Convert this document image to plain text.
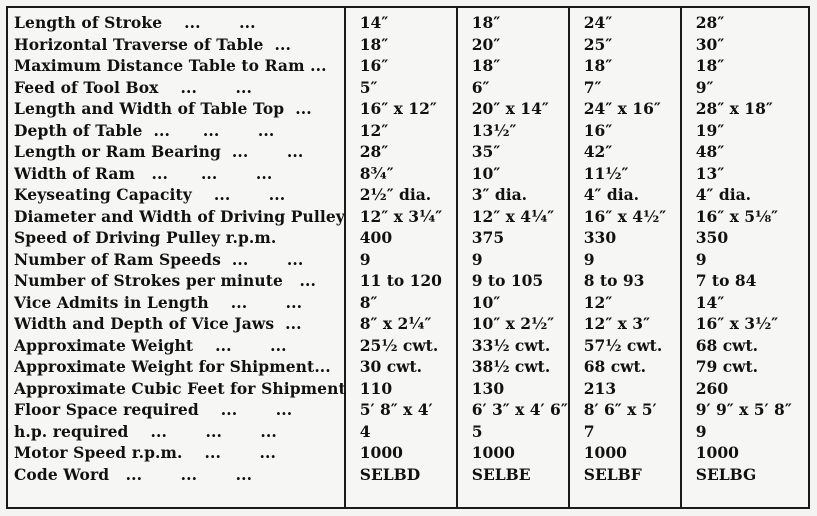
Length of Stroke    ...       ...	14″	18″	24″	28″
Horizontal Traverse of Table  ...	18″	20″	25″	30″
Maximum Distance Table to Ram ...	16″	18″	18″	18″
Feed of Tool Box    ...       ...	5″	6″	7″	9″
Length and Width of Table Top  ...	16″ x 12″	20″ x 14″	24″ x 16″	28″ x 18″
Depth of Table  ...      ...       ...	12″	13½″	16″	19″
Length or Ram Bearing  ...       ...	28″	35″	42″	48″
Width of Ram   ...      ...       ...	8¾″	10″	11½″	13″
Keyseating Capacity    ...       ...	2½″ dia.	3″ dia.	4″ dia.	4″ dia.
Diameter and Width of Driving Pulley	12″ x 3¼″	12″ x 4¼″	16″ x 4½″	16″ x 5⅛″
Speed of Driving Pulley r.p.m.	400	375	330	350
Number of Ram Speeds  ...       ...	9	9	9	9
Number of Strokes per minute   ...	11 to 120	9 to 105	8 to 93	7 to 84
Vice Admits in Length    ...       ...	8″	10″	12″	14″
Width and Depth of Vice Jaws  ...	8″ x 2¼″	10″ x 2½″	12″ x 3″	16″ x 3½″
Approximate Weight    ...       ...	25½ cwt.	33½ cwt.	57½ cwt.	68 cwt.
Approximate Weight for Shipment...	30 cwt.	38½ cwt.	68 cwt.	79 cwt.
Approximate Cubic Feet for Shipment	110	130	213	260
Floor Space required    ...       ...	5′ 8″ x 4′	6′ 3″ x 4′ 6″	8′ 6″ x 5′	9′ 9″ x 5′ 8″
h.p. required    ...       ...       ...	4	5	7	9
Motor Speed r.p.m.    ...       ...	1000	1000	1000	1000
Code Word   ...       ...       ...	SELBD	SELBE	SELBF	SELBG
